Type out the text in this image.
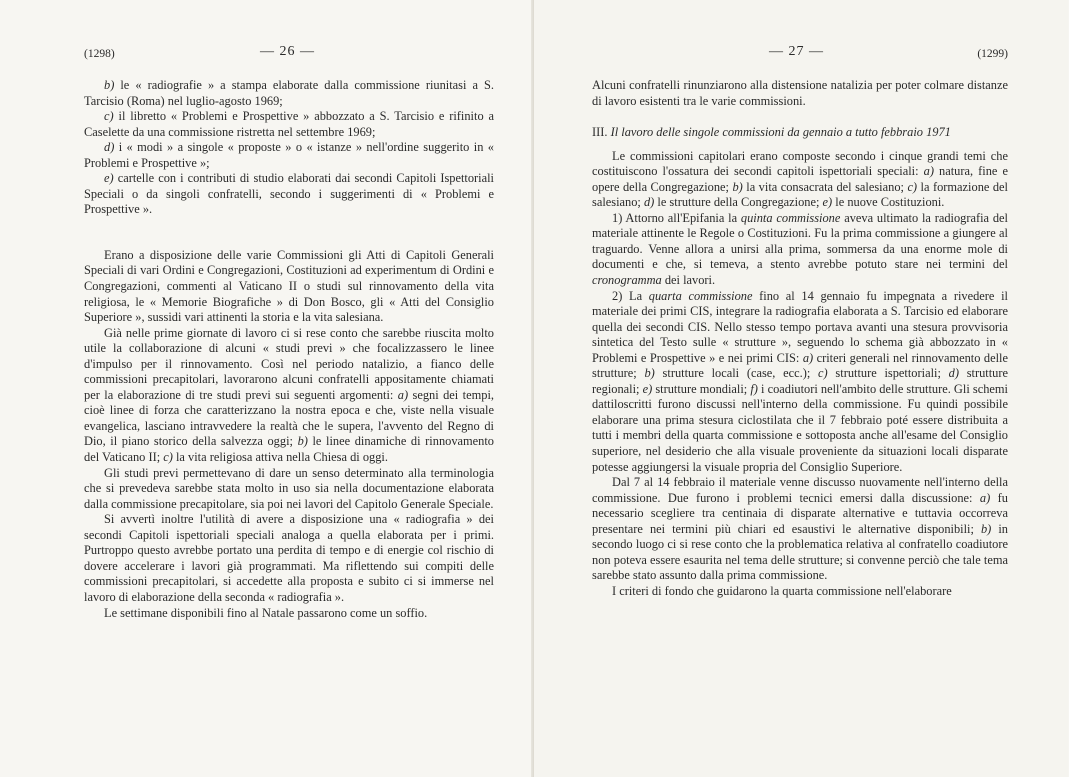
(1298)	— 26 —

b) le « radiografie » a stampa elaborate dalla commissione riunitasi a S. Tarcisio (Roma) nel luglio-agosto 1969;

c) il libretto « Problemi e Prospettive » abbozzato a S. Tarcisio e rifinito a Caselette da una commissione ristretta nel settembre 1969;

d) i « modi » a singole « proposte » o « istanze » nell'ordine suggerito in « Problemi e Prospettive »;

e) cartelle con i contributi di studio elaborati dai secondi Capitoli Ispettoriali Speciali o da singoli confratelli, secondo i suggerimenti di « Problemi e Prospettive ».

Erano a disposizione delle varie Commissioni gli Atti di Capitoli Generali Speciali di vari Ordini e Congregazioni, Costituzioni ad experimentum di Ordini e Congregazioni, commenti al Vaticano II o studi sul rinnovamento della vita religiosa, le « Memorie Biografiche » di Don Bosco, gli « Atti del Consiglio Superiore », sussidi vari attinenti la storia e la vita salesiana.

Già nelle prime giornate di lavoro ci si rese conto che sarebbe riuscita molto utile la collaborazione di alcuni « studi previ » che focalizzassero le linee d'impulso per il rinnovamento. Così nel periodo natalizio, a fianco delle commissioni precapitolari, lavorarono alcuni confratelli appositamente chiamati per la elaborazione di tre studi previ sui seguenti argomenti: a) segni dei tempi, cioè linee di forza che caratterizzano la nostra epoca e che, viste nella visuale evangelica, lasciano intravvedere la realtà che le supera, l'avvento del Regno di Dio, il piano storico della salvezza oggi; b) le linee dinamiche di rinnovamento del Vaticano II; c) la vita religiosa attiva nella Chiesa di oggi.

Gli studi previ permettevano di dare un senso determinato alla terminologia che si prevedeva sarebbe stata molto in uso sia nella documentazione elaborata dalla commissione precapitolare, sia poi nei lavori del Capitolo Generale Speciale.

Si avvertì inoltre l'utilità di avere a disposizione una « radiografia » dei secondi Capitoli ispettoriali speciali analoga a quella elaborata per i primi. Purtroppo questo avrebbe portato una perdita di tempo e di energie col rischio di dovere accelerare i lavori già programmati. Ma riflettendo sui compiti delle commissioni precapitolari, si accedette alla proposta e subito ci si immerse nel lavoro di elaborazione della seconda « radiografia ».

Le settimane disponibili fino al Natale passarono come un soffio.

— 27 —	(1299)

Alcuni confratelli rinunziarono alla distensione natalizia per poter colmare distanze di lavoro esistenti tra le varie commissioni.

III. Il lavoro delle singole commissioni da gennaio a tutto febbraio 1971

Le commissioni capitolari erano composte secondo i cinque grandi temi che costituiscono l'ossatura dei secondi capitoli ispettoriali speciali: a) natura, fine e opere della Congregazione; b) la vita consacrata del salesiano; c) la formazione del salesiano; d) le strutture della Congregazione; e) le nuove Costituzioni.

1) Attorno all'Epifania la quinta commissione aveva ultimato la radiografia del materiale attinente le Regole o Costituzioni. Fu la prima commissione a giungere al traguardo. Venne allora a unirsi alla prima, sommersa da una enorme mole di documenti e che, si temeva, a stento avrebbe potuto stare nei termini del cronogramma dei lavori.

2) La quarta commissione fino al 14 gennaio fu impegnata a rivedere il materiale dei primi CIS, integrare la radiografia elaborata a S. Tarcisio ed elaborare quella dei secondi CIS. Nello stesso tempo portava avanti una stesura provvisoria sintetica del Testo sulle « strutture », seguendo lo schema già abbozzato in « Problemi e Prospettive » e nei primi CIS: a) criteri generali nel rinnovamento delle strutture; b) strutture locali (case, ecc.); c) strutture ispettoriali; d) strutture regionali; e) strutture mondiali; f) i coadiutori nell'ambito delle strutture. Gli schemi dattiloscritti furono discussi nell'interno della commissione. Fu quindi possibile elaborare una prima stesura ciclostilata che il 7 febbraio poté essere distribuita a tutti i membri della quarta commissione e sottoposta anche all'esame del Consiglio superiore, nel desiderio che alla visuale proveniente da situazioni locali disparate potesse aggiungersi la visuale propria del Consiglio Superiore.

Dal 7 al 14 febbraio il materiale venne discusso nuovamente nell'interno della commissione. Due furono i problemi tecnici emersi dalla discussione: a) fu necessario scegliere tra centinaia di disparate alternative e tuttavia occorreva presentare nei termini più chiari ed esaustivi le alternative disponibili; b) in secondo luogo ci si rese conto che la problematica relativa al confratello coadiutore non poteva essere esaurita nel tema delle strutture; si convenne perciò che tale tema sarebbe stato assunto dalla prima commissione.

I criteri di fondo che guidarono la quarta commissione nell'elaborare
